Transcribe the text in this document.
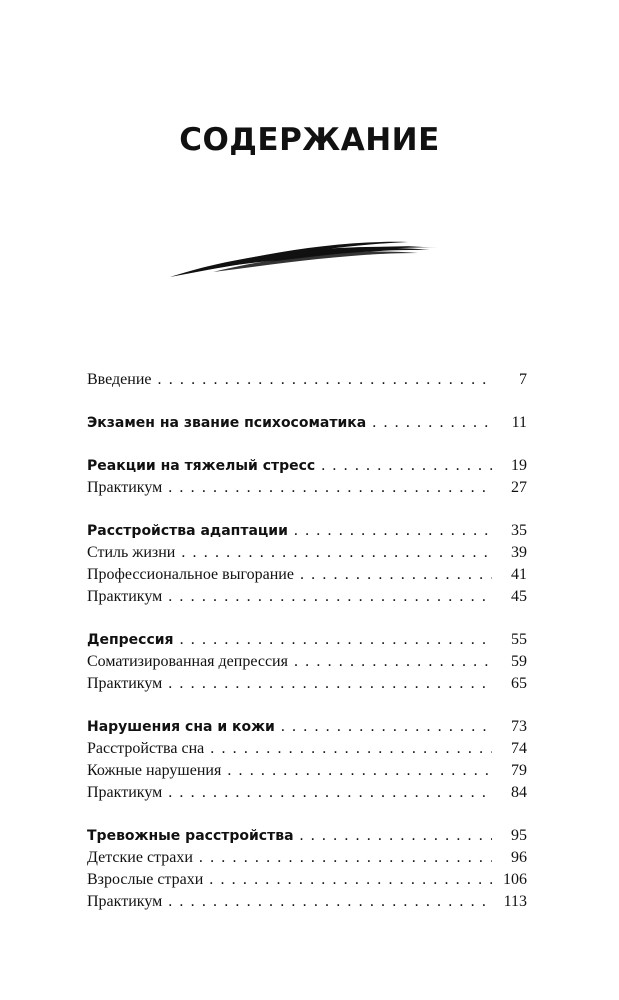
СОДЕРЖАНИЕ
Введение . . .	7
Экзамен на звание психосоматика . . .	11
Реакции на тяжелый стресс . . .	19
Практикум . . .	27
Расстройства адаптации . . .	35
Стиль жизни . . .	39
Профессиональное выгорание . . .	41
Практикум . . .	45
Депрессия . . .	55
Соматизированная депрессия . . .	59
Практикум . . .	65
Нарушения сна и кожи . . .	73
Расстройства сна . . .	74
Кожные нарушения . . .	79
Практикум . . .	84
Тревожные расстройства . . .	95
Детские страхи . . .	96
Взрослые страхи . . .	106
Практикум . . .	113
